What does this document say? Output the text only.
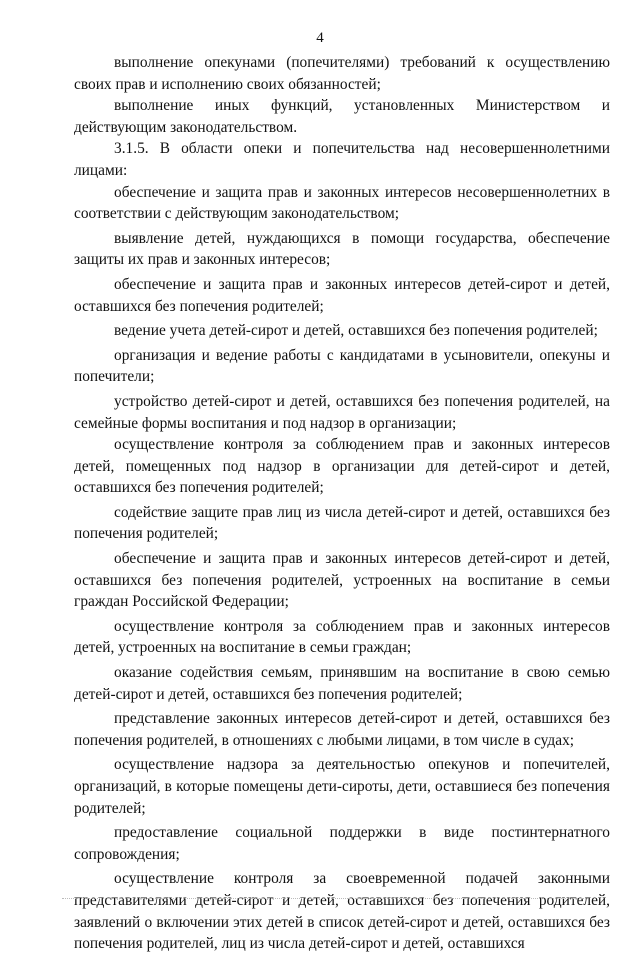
4

выполнение опекунами (попечителями) требований к осуществлению своих прав и исполнению своих обязанностей;

выполнение иных функций, установленных Министерством и действующим законодательством.

3.1.5. В области опеки и попечительства над несовершеннолетними лицами:

обеспечение и защита прав и законных интересов несовершеннолетних в соответствии с действующим законодательством;

выявление детей, нуждающихся в помощи государства, обеспечение защиты их прав и законных интересов;

обеспечение и защита прав и законных интересов детей-сирот и детей, оставшихся без попечения родителей;

ведение учета детей-сирот и детей, оставшихся без попечения родителей;

организация и ведение работы с кандидатами в усыновители, опекуны и попечители;

устройство детей-сирот и детей, оставшихся без попечения родителей, на семейные формы воспитания и под надзор в организации;

осуществление контроля за соблюдением прав и законных интересов детей, помещенных под надзор в организации для детей-сирот и детей, оставшихся без попечения родителей;

содействие защите прав лиц из числа детей-сирот и детей, оставшихся без попечения родителей;

обеспечение и защита прав и законных интересов детей-сирот и детей, оставшихся без попечения родителей, устроенных на воспитание в семьи граждан Российской Федерации;

осуществление контроля за соблюдением прав и законных интересов детей, устроенных на воспитание в семьи граждан;

оказание содействия семьям, принявшим на воспитание в свою семью детей-сирот и детей, оставшихся без попечения родителей;

представление законных интересов детей-сирот и детей, оставшихся без попечения родителей, в отношениях с любыми лицами, в том числе в судах;

осуществление надзора за деятельностью опекунов и попечителей, организаций, в которые помещены дети-сироты, дети, оставшиеся без попечения родителей;

предоставление социальной поддержки в виде постинтернатного сопровождения;

осуществление контроля за своевременной подачей законными представителями детей-сирот и детей, оставшихся без попечения родителей, заявлений о включении этих детей в список детей-сирот и детей, оставшихся без попечения родителей, лиц из числа детей-сирот и детей, оставшихся
